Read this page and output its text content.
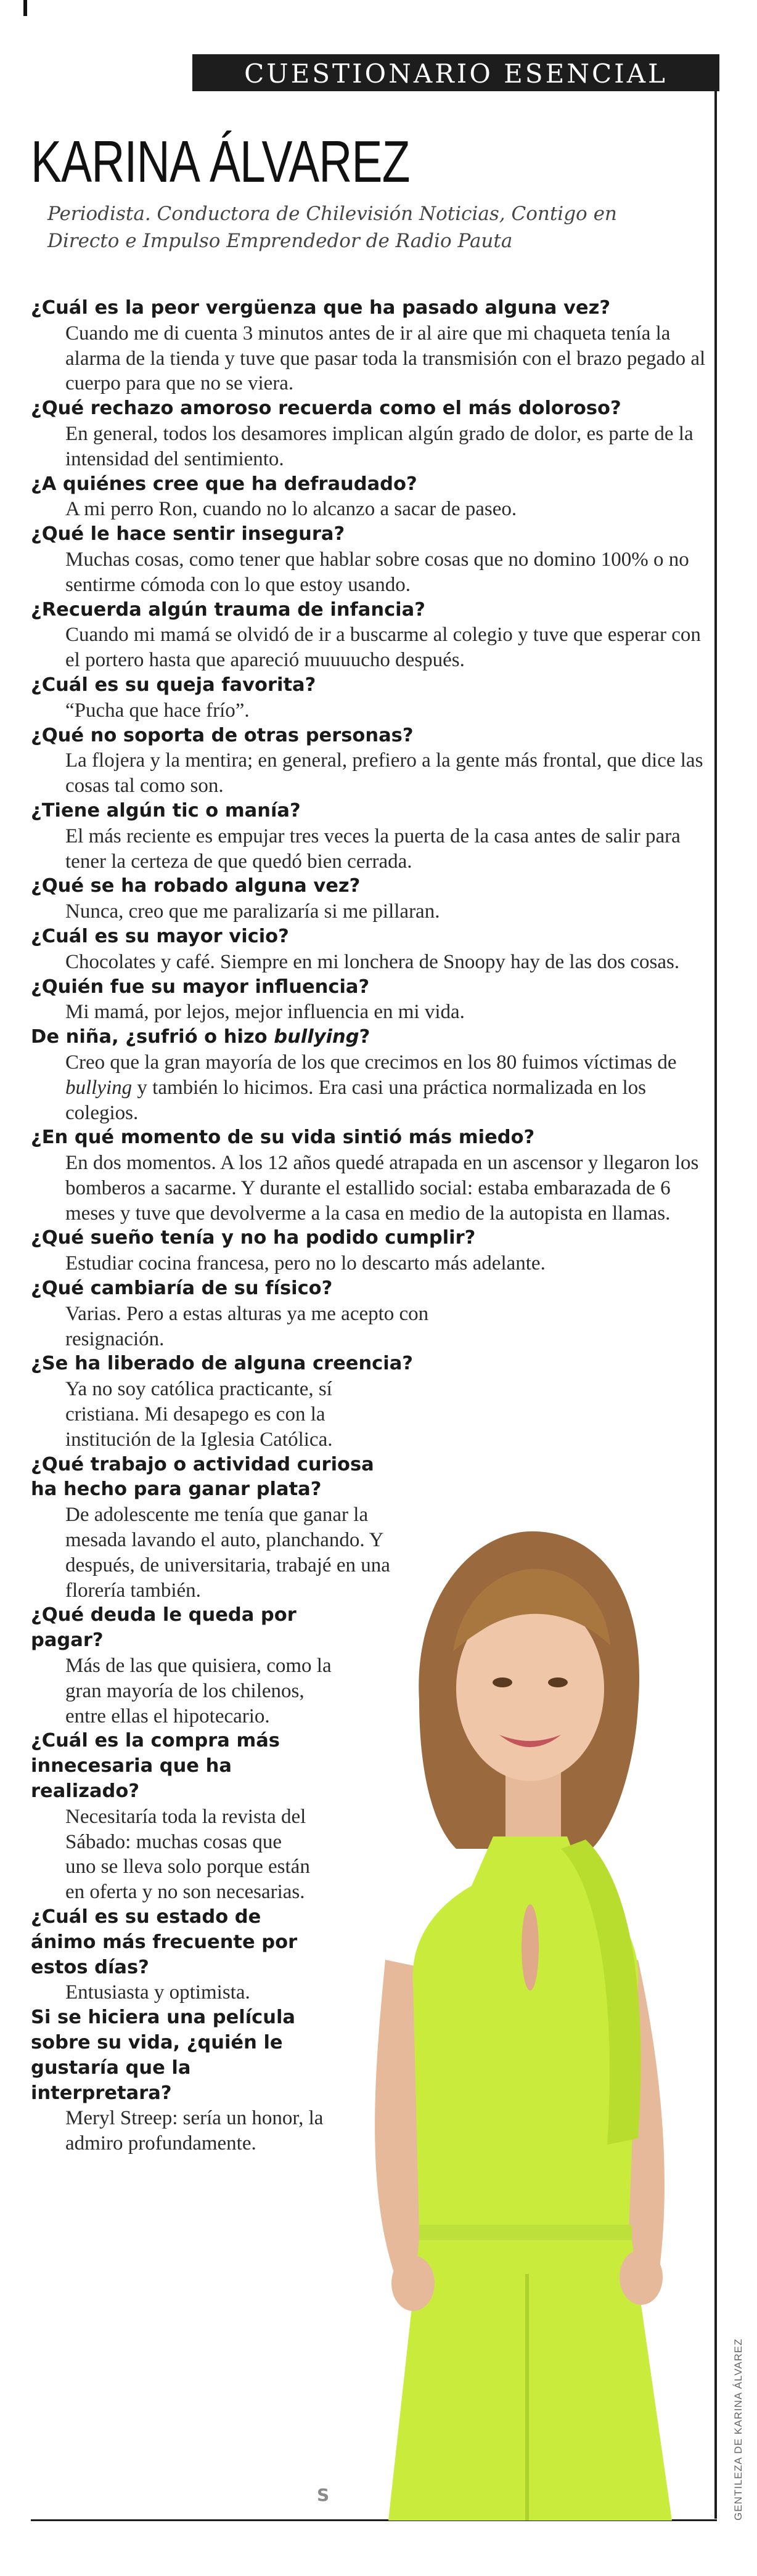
CUESTIONARIO ESENCIAL
KARINA ÁLVAREZ

Periodista. Conductora de Chilevisión Noticias, Contigo en Directo e Impulso Emprendedor de Radio Pauta

¿Cuál es la peor vergüenza que ha pasado alguna vez?

Cuando me di cuenta 3 minutos antes de ir al aire que mi chaqueta tenía la alarma de la tienda y tuve que pasar toda la transmisión con el brazo pegado al cuerpo para que no se viera.

¿Qué rechazo amoroso recuerda como el más doloroso?

En general, todos los desamores implican algún grado de dolor, es parte de la intensidad del sentimiento.

¿A quiénes cree que ha defraudado?

A mi perro Ron, cuando no lo alcanzo a sacar de paseo.

¿Qué le hace sentir insegura?

Muchas cosas, como tener que hablar sobre cosas que no domino 100% o no sentirme cómoda con lo que estoy usando.

¿Recuerda algún trauma de infancia?

Cuando mi mamá se olvidó de ir a buscarme al colegio y tuve que esperar con el portero hasta que apareció muuuucho después.

¿Cuál es su queja favorita?

“Pucha que hace frío”.

¿Qué no soporta de otras personas?

La flojera y la mentira; en general, prefiero a la gente más frontal, que dice las cosas tal como son.

¿Tiene algún tic o manía?

El más reciente es empujar tres veces la puerta de la casa antes de salir para tener la certeza de que quedó bien cerrada.

¿Qué se ha robado alguna vez?

Nunca, creo que me paralizaría si me pillaran.

¿Cuál es su mayor vicio?

Chocolates y café. Siempre en mi lonchera de Snoopy hay de las dos cosas.

¿Quién fue su mayor influencia?

Mi mamá, por lejos, mejor influencia en mi vida.

De niña, ¿sufrió o hizo bullying?

Creo que la gran mayoría de los que crecimos en los 80 fuimos víctimas de bullying y también lo hicimos. Era casi una práctica normalizada en los colegios.

¿En qué momento de su vida sintió más miedo?

En dos momentos. A los 12 años quedé atrapada en un ascensor y llegaron los bomberos a sacarme. Y durante el estallido social: estaba embarazada de 6 meses y tuve que devolverme a la casa en medio de la autopista en llamas.

¿Qué sueño tenía y no ha podido cumplir?

Estudiar cocina francesa, pero no lo descarto más adelante.

¿Qué cambiaría de su físico?

Varias. Pero a estas alturas ya me acepto con resignación.

¿Se ha liberado de alguna creencia?

Ya no soy católica practicante, sí cristiana. Mi desapego es con la institución de la Iglesia Católica.

¿Qué trabajo o actividad curiosa ha hecho para ganar plata?

De adolescente me tenía que ganar la mesada lavando el auto, planchando. Y después, de universitaria, trabajé en una florería también.

¿Qué deuda le queda por pagar?

Más de las que quisiera, como la gran mayoría de los chilenos, entre ellas el hipotecario.

¿Cuál es la compra más innecesaria que ha realizado?

Necesitaría toda la revista del Sábado: muchas cosas que uno se lleva solo porque están en oferta y no son necesarias.

¿Cuál es su estado de ánimo más frecuente por estos días?

Entusiasta y optimista.

Si se hiciera una película sobre su vida, ¿quién le gustaría que la interpretara?

Meryl Streep: sería un honor, la admiro profundamente.

S	GENTILEZA DE KARINA ÁLVAREZ
